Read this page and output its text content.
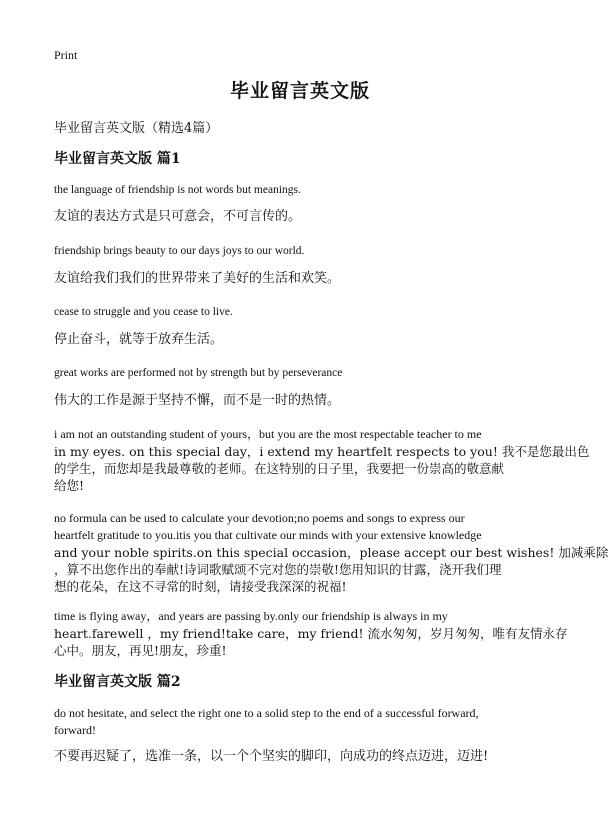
Print
毕业留言英文版
毕业留言英文版（精选4篇）
毕业留言英文版 篇1
the language of friendship is not words but meanings.
友谊的表达方式是只可意会，不可言传的。
friendship brings beauty to our days joys to our world.
友谊给我们我们的世界带来了美好的生活和欢笑。
cease to struggle and you cease to live.
停止奋斗，就等于放弃生活。
great works are performed not by strength but by perseverance
伟大的工作是源于坚持不懈，而不是一时的热情。
i am not an outstanding student of yours，but you are the most respectable teacher to me
in my eyes. on this special day，i extend my heartfelt respects to you! 我不是您最出色
的学生，而您却是我最尊敬的老师。在这特别的日子里，我要把一份崇高的敬意献
给您!
no formula can be used to calculate your devotion;no poems and songs to express our
heartfelt gratitude to you.itis you that cultivate our minds with your extensive knowledge
and your noble spirits.on this special occasion，please accept our best wishes! 加减乘除
，算不出您作出的奉献!诗词歌赋颂不完对您的崇敬!您用知识的甘露，浇开我们理
想的花朵，在这不寻常的时刻，请接受我深深的祝福!
time is flying away，and years are passing by.only our friendship is always in my
heart.farewell ，my friend!take care，my friend! 流水匆匆，岁月匆匆，唯有友情永存
心中。朋友，再见!朋友，珍重!
毕业留言英文版 篇2
do not hesitate, and select the right one to a solid step to the end of a successful forward,
forward!
不要再迟疑了，选准一条，以一个个坚实的脚印，向成功的终点迈进，迈进!
